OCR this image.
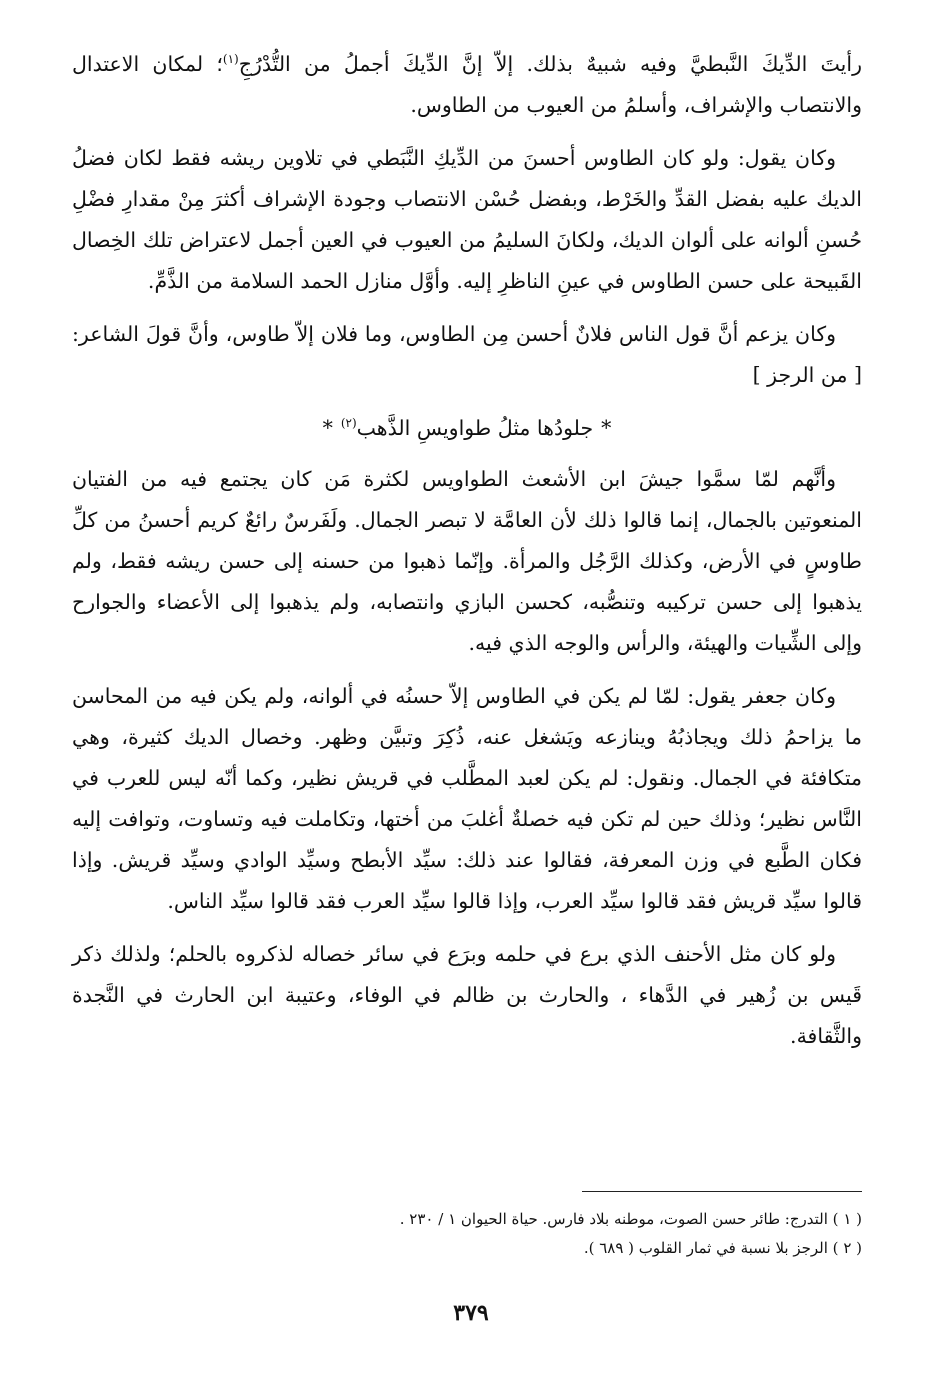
رأيتَ الدِّيكَ النَّبطيَّ وفيه شبيهٌ بذلك. إلاّ إنَّ الدِّيكَ أجملُ من التُّدْرُجِ$^{(١)}$؛ لمكان الاعتدال والانتصاب والإشراف، وأسلمُ من العيوب من الطاوس.

وكان يقول: ولو كان الطاوس أحسنَ من الدِّيكِ النَّبَطي في تلاوين ريشه فقط لكان فضلُ الديك عليه بفضل القدِّ والخَرْط، وبفضل حُسْن الانتصاب وجودة الإشراف أكثرَ مِنْ مقدارِ فضْلِ حُسنِ ألوانه على ألوان الديك، ولكانَ السليمُ من العيوب في العين أجمل لاعتراض تلك الخِصال القَبيحة على حسن الطاوس في عينِ الناظرِ إليه. وأوَّل منازل الحمد السلامة من الذَّمِّ.

وكان يزعم أنَّ قول الناس فلانٌ أحسن مِن الطاوس، وما فلان إلاّ طاوس، وأنَّ قولَ الشاعر: [ من الرجز ]

*جلودُها مثلُ طواويسِ الذَّهب$^{(٢)}$*

وأنَّهم لمّا سمَّوا جيشَ ابن الأشعث الطواويس لكثرة مَن كان يجتمع فيه من الفتيان المنعوتين بالجمال، إنما قالوا ذلك لأن العامَّة لا تبصر الجمال. ولَفَرسٌ رائعٌ كريم أحسنُ من كلِّ طاوسٍ في الأرض، وكذلك الرَّجُل والمرأة. وإنّما ذهبوا من حسنه إلى حسن ريشه فقط، ولم يذهبوا إلى حسن تركيبه وتنصُّبه، كحسن البازي وانتصابه، ولم يذهبوا إلى الأعضاء والجوارح وإلى الشِّيات والهيئة، والرأس والوجه الذي فيه.

وكان جعفر يقول: لمّا لم يكن في الطاوس إلاّ حسنُه في ألوانه، ولم يكن فيه من المحاسن ما يزاحمُ ذلك ويجاذبُهُ وينازعه ويَشغل عنه، ذُكِرَ وتبيَّن وظهر. وخصال الديك كثيرة، وهي متكافئة في الجمال. ونقول: لم يكن لعبد المطَّلب في قريش نظير، وكما أنّه ليس للعرب في النَّاس نظير؛ وذلك حين لم تكن فيه خصلةٌ أغلبَ من أختها، وتكاملت فيه وتساوت، وتوافت إليه فكان الطَّبع في وزن المعرفة، فقالوا عند ذلك: سيِّد الأبطح وسيِّد الوادي وسيِّد قريش. وإذا قالوا سيِّد قريش فقد قالوا سيِّد العرب، وإذا قالوا سيِّد العرب فقد قالوا سيِّد الناس.

ولو كان مثل الأحنف الذي برع في حلمه وبرَع في سائر خصاله لذكروه بالحلم؛ ولذلك ذكر قَيس بن زُهير في الدَّهاء ، والحارث بن ظالم في الوفاء، وعتيبة ابن الحارث في النَّجدة والثَّقافة.

( ١ ) التدرج: طائر حسن الصوت، موطنه بلاد فارس. حياة الحيوان ١ / ٢٣٠ .
( ٢ ) الرجز بلا نسبة في ثمار القلوب ( ٦٨٩ ).
٣٧٩
